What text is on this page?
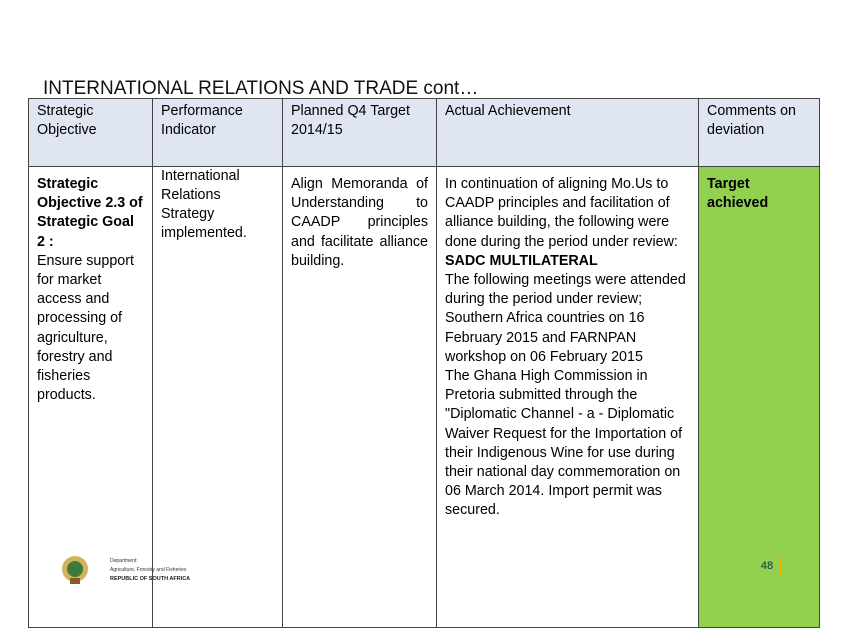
INTERNATIONAL RELATIONS AND TRADE cont…
Strategic Objective	Performance Indicator	Planned Q4 Target 2014/15	Actual Achievement	Comments on deviation

Strategic Objective 2.3 of Strategic Goal 2 :
Ensure support for market access and processing of agriculture, forestry and fisheries products.	International Relations Strategy implemented.	Align Memoranda of Understanding to CAADP principles and facilitate alliance building.	In continuation of aligning Mo.Us to CAADP principles and facilitation of alliance building, the following were done during the period under review:
SADC MULTILATERAL
The following meetings were attended during the period under review; Southern Africa countries on 16 February 2015 and FARNPAN workshop on 06 February 2015
The Ghana High Commission in Pretoria submitted through the "Diplomatic Channel - a - Diplomatic Waiver Request for the Importation of their Indigenous Wine for use during their national day commemoration on 06 March 2014. Import permit was secured.	Target achieved
Department:
Agriculture, Forestry and Fisheries
REPUBLIC OF SOUTH AFRICA
48
